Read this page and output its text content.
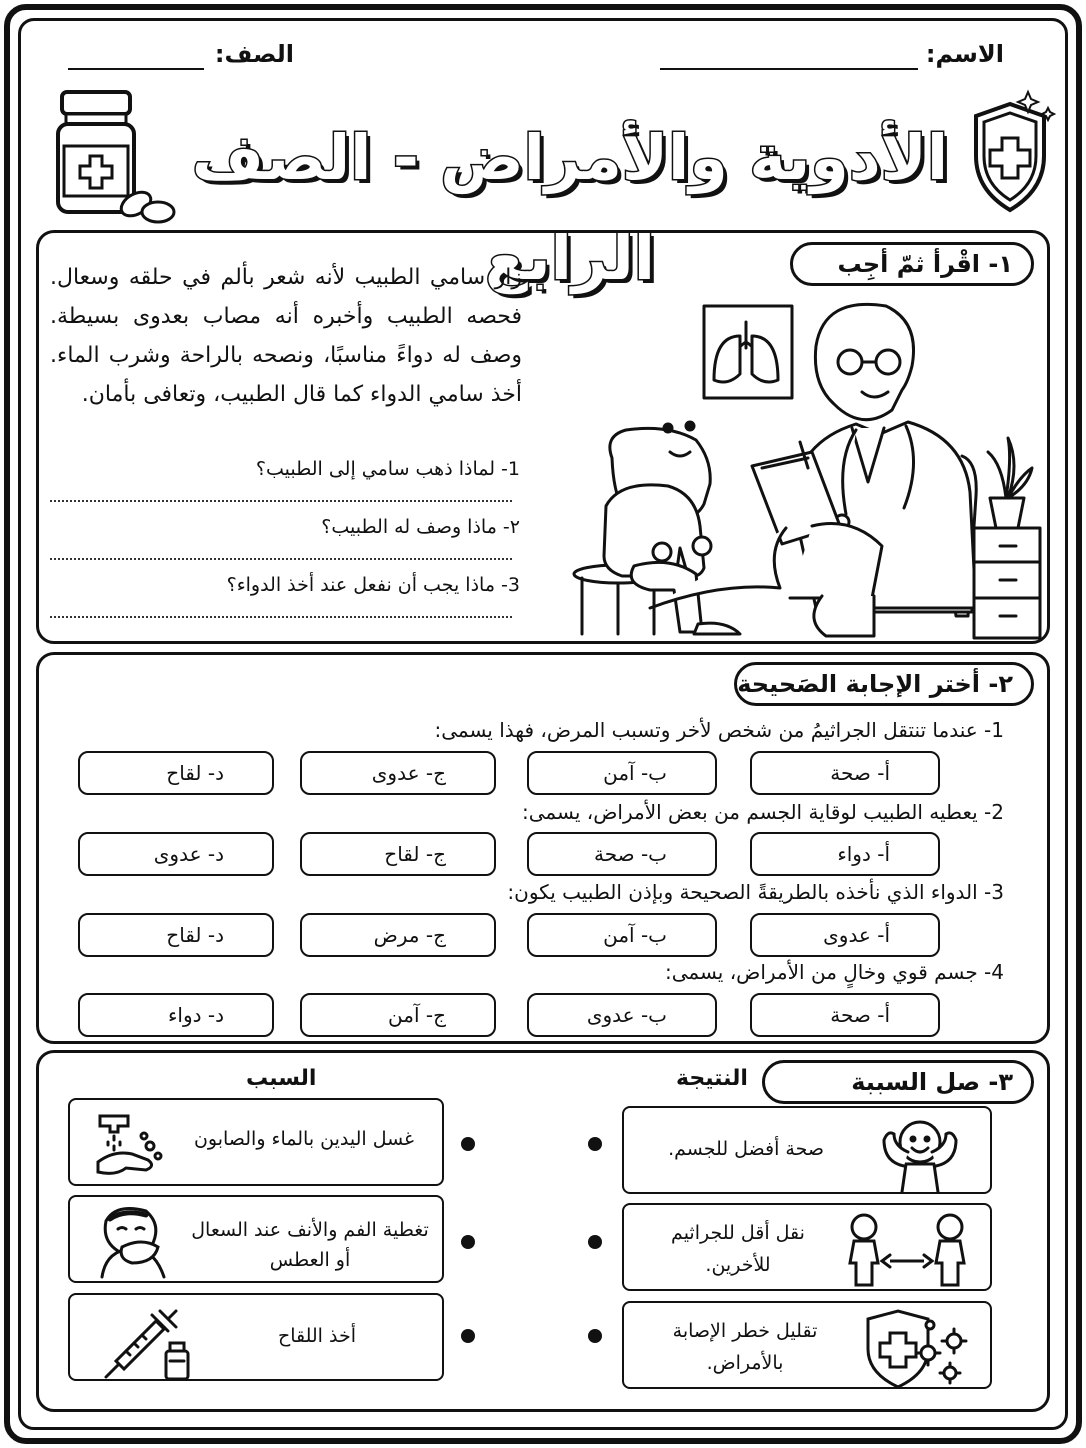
الاسم:
الصف:
الأدوية والأمراض - الصف الرابع	١- اقْرأ ثمّ أجِب
زار سامي الطبيب لأنه شعر بألم في حلقه وسعال. فحصه الطبيب وأخبره أنه مصاب بعدوى بسيطة. وصف له دواءً مناسبًا، ونصحه بالراحة وشرب الماء. أخذ سامي الدواء كما قال الطبيب، وتعافى بأمان.
1- لماذا ذهب سامي إلى الطبيب؟
٢- ماذا وصف له الطبيب؟
3- ماذا يجب أن نفعل عند أخذ الدواء؟
٢- أختر الإجابة الصَحيحة
1- عندما تنتقل الجراثيمُ من شخص لأخر وتسبب المرض، فهذا يسمى:
أ- صحة
ب- آمن
ج- عدوى
د- لقاح
2- يعطيه الطبيب لوقاية الجسم من بعض الأمراض، يسمى:
أ- دواء
ب- صحة
ج- لقاح
د- عدوى
3- الدواء الذي نأخذه بالطريقةً الصحيحة وبإذن الطبيب يكون:
أ- عدوى
ب- آمن
ج- مرض
د- لقاح
4- جسم قوي وخالٍ من الأمراض، يسمى:
أ- صحة
ب- عدوى
ج- آمن
د- دواء
٣- صل السببة
النتيجة
السبب
غسل اليدين بالماء والصابون
تغطية الفم والأنف عند السعال أو العطس
أخذ اللقاح
صحة أفضل للجسم.
نقل أقل للجراثيم للأخرين.
تقليل خطر الإصابة بالأمراض.
